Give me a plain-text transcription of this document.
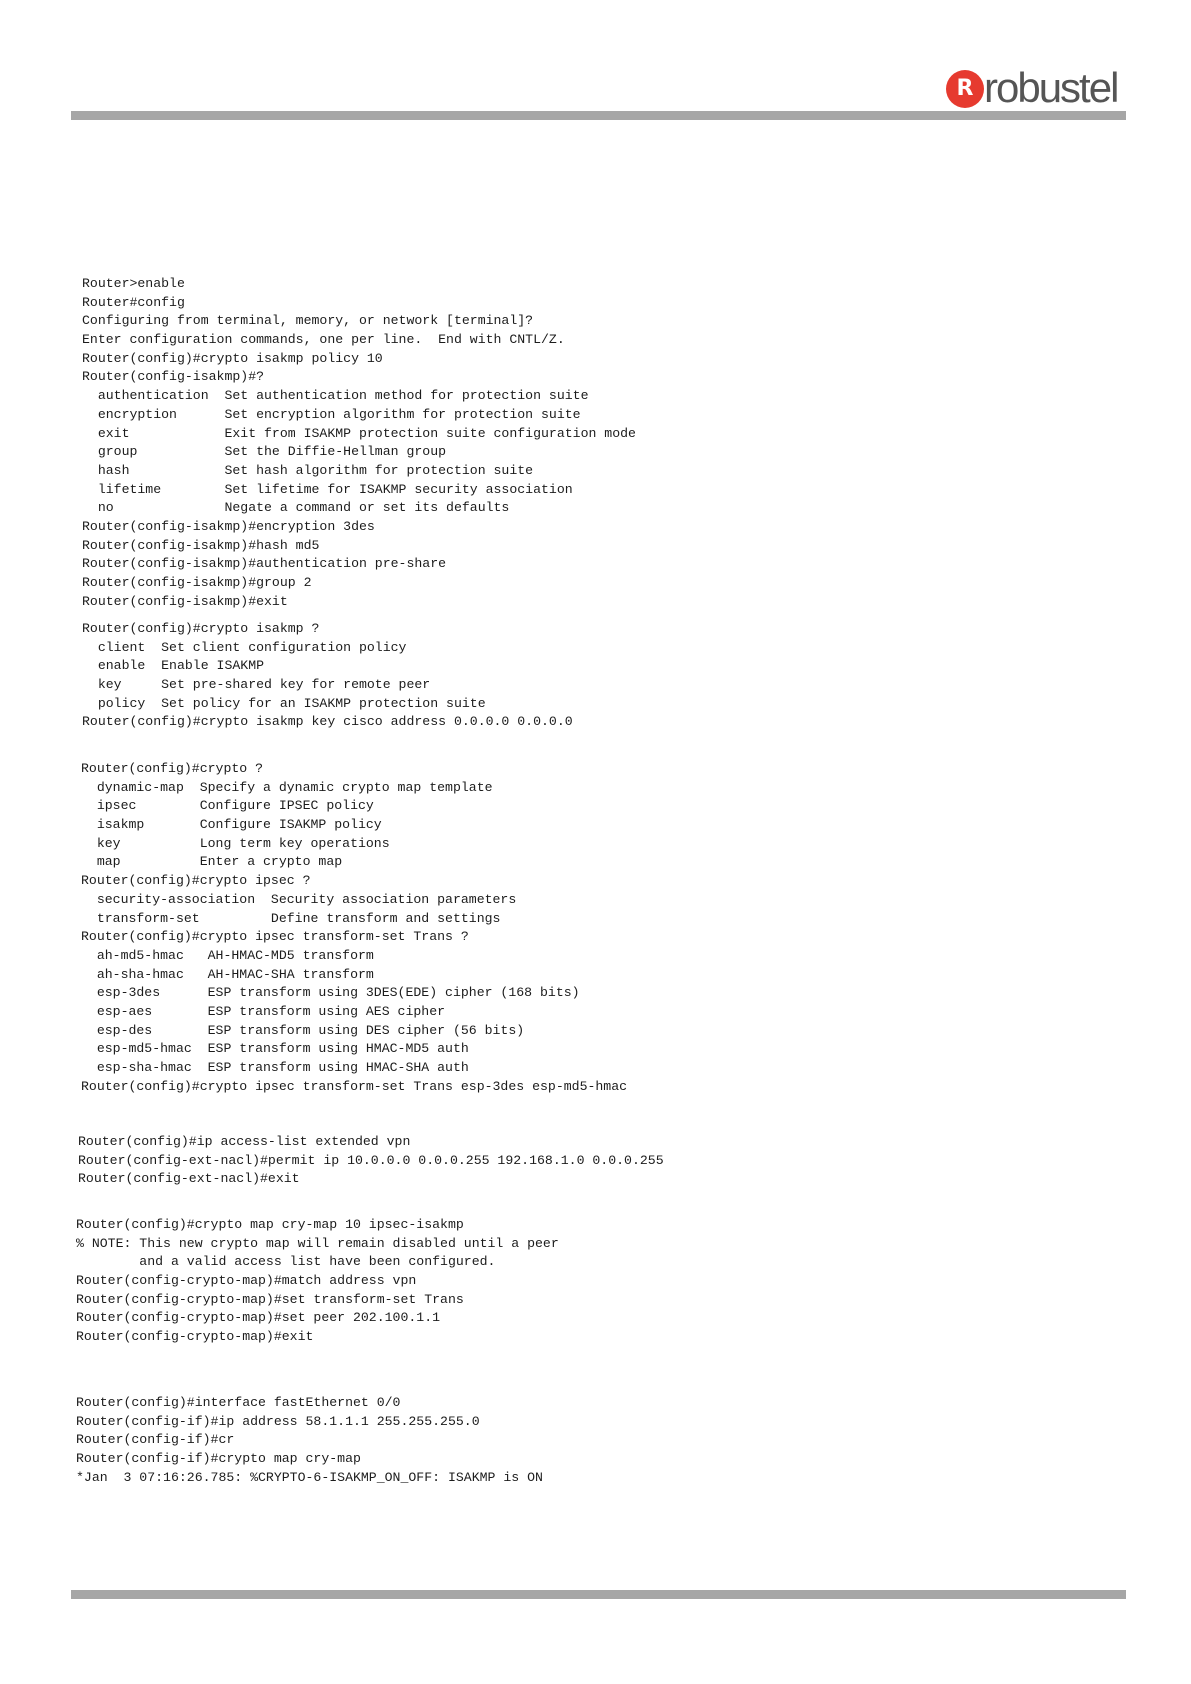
R robustel
Router>enable
Router#config
Configuring from terminal, memory, or network [terminal]?
Enter configuration commands, one per line.  End with CNTL/Z.
Router(config)#crypto isakmp policy 10
Router(config-isakmp)#?
authentication  Set authentication method for protection suite
encryption      Set encryption algorithm for protection suite
exit            Exit from ISAKMP protection suite configuration mode
group           Set the Diffie-Hellman group
hash            Set hash algorithm for protection suite
lifetime        Set lifetime for ISAKMP security association
no              Negate a command or set its defaults
Router(config-isakmp)#encryption 3des
Router(config-isakmp)#hash md5
Router(config-isakmp)#authentication pre-share
Router(config-isakmp)#group 2
Router(config-isakmp)#exit
Router(config)#crypto isakmp ?
client  Set client configuration policy
enable  Enable ISAKMP
key     Set pre-shared key for remote peer
policy  Set policy for an ISAKMP protection suite
Router(config)#crypto isakmp key cisco address 0.0.0.0 0.0.0.0
Router(config)#crypto ?
dynamic-map  Specify a dynamic crypto map template
ipsec        Configure IPSEC policy
isakmp       Configure ISAKMP policy
key          Long term key operations
map          Enter a crypto map
Router(config)#crypto ipsec ?
security-association  Security association parameters
transform-set         Define transform and settings
Router(config)#crypto ipsec transform-set Trans ?
ah-md5-hmac   AH-HMAC-MD5 transform
ah-sha-hmac   AH-HMAC-SHA transform
esp-3des      ESP transform using 3DES(EDE) cipher (168 bits)
esp-aes       ESP transform using AES cipher
esp-des       ESP transform using DES cipher (56 bits)
esp-md5-hmac  ESP transform using HMAC-MD5 auth
esp-sha-hmac  ESP transform using HMAC-SHA auth
Router(config)#crypto ipsec transform-set Trans esp-3des esp-md5-hmac
Router(config)#ip access-list extended vpn
Router(config-ext-nacl)#permit ip 10.0.0.0 0.0.0.255 192.168.1.0 0.0.0.255
Router(config-ext-nacl)#exit
Router(config)#crypto map cry-map 10 ipsec-isakmp
% NOTE: This new crypto map will remain disabled until a peer
and a valid access list have been configured.
Router(config-crypto-map)#match address vpn
Router(config-crypto-map)#set transform-set Trans
Router(config-crypto-map)#set peer 202.100.1.1
Router(config-crypto-map)#exit
Router(config)#interface fastEthernet 0/0
Router(config-if)#ip address 58.1.1.1 255.255.255.0
Router(config-if)#cr
Router(config-if)#crypto map cry-map
*Jan  3 07:16:26.785: %CRYPTO-6-ISAKMP_ON_OFF: ISAKMP is ON
